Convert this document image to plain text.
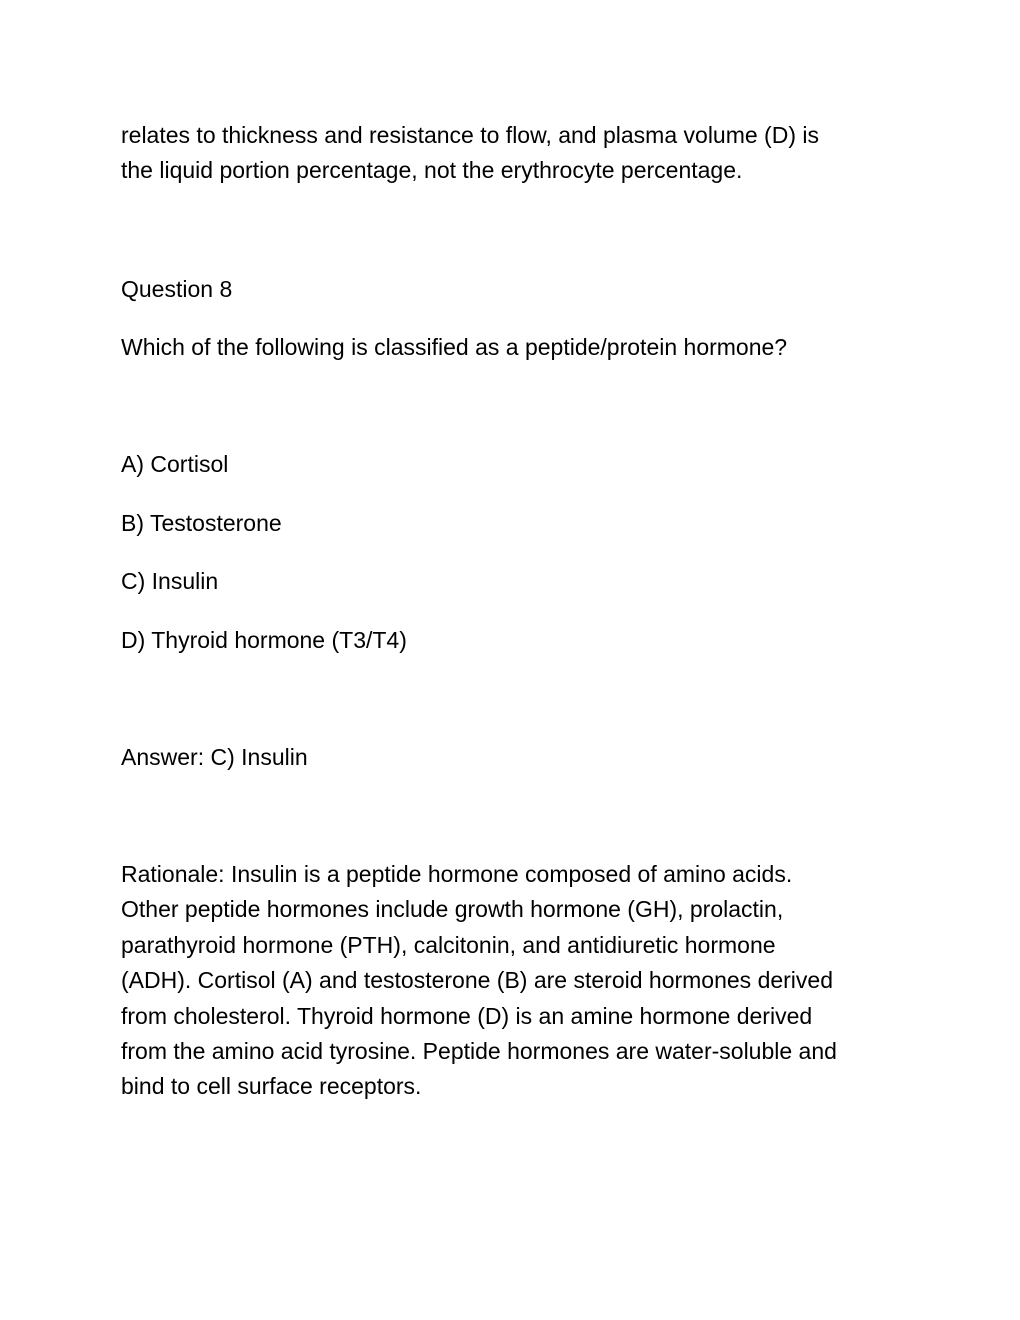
relates to thickness and resistance to flow, and plasma volume (D) is
the liquid portion percentage, not the erythrocyte percentage.

Question 8

Which of the following is classified as a peptide/protein hormone?

A) Cortisol

B) Testosterone

C) Insulin

D) Thyroid hormone (T3/T4)

Answer: C) Insulin

Rationale: Insulin is a peptide hormone composed of amino acids.
Other peptide hormones include growth hormone (GH), prolactin,
parathyroid hormone (PTH), calcitonin, and antidiuretic hormone
(ADH). Cortisol (A) and testosterone (B) are steroid hormones derived
from cholesterol. Thyroid hormone (D) is an amine hormone derived
from the amino acid tyrosine. Peptide hormones are water-soluble and
bind to cell surface receptors.
